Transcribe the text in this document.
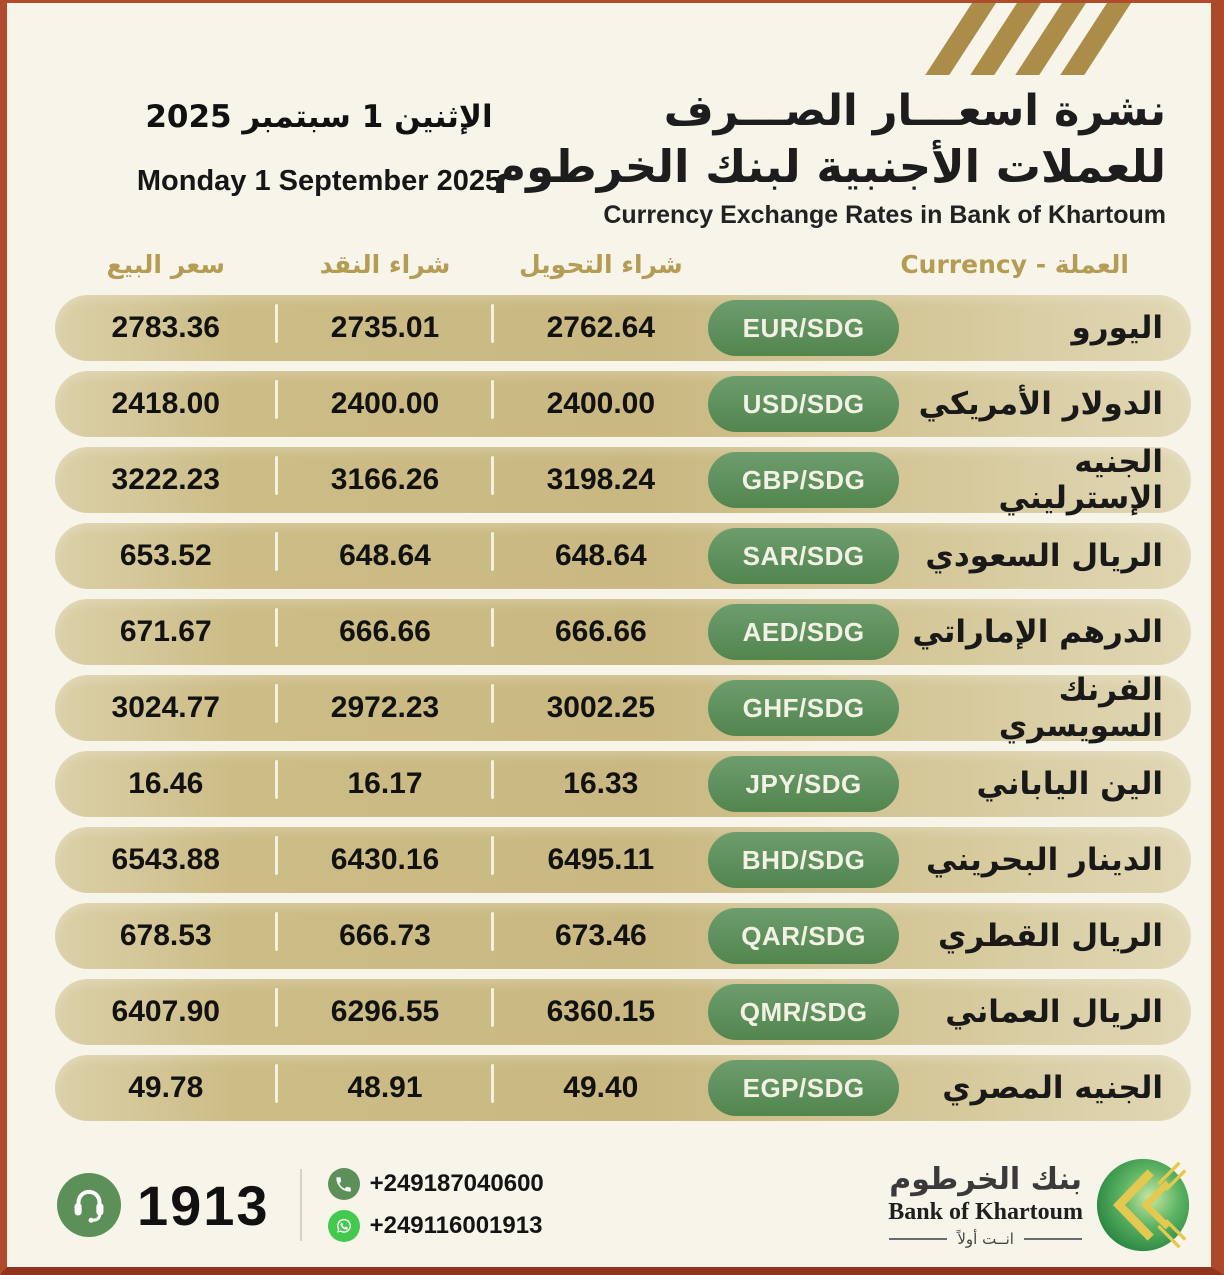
الإثنين 1 سبتمبر 2025
Monday 1 September 2025
نشرة اسعـــار الصـــرف
للعملات الأجنبية لبنك الخرطوم
Currency Exchange Rates in Bank of Khartoum
سعر البيع	شراء النقد	شراء التحويل	العملة - Currency
2783.36	2735.01	2762.64	EUR/SDG	اليورو
2418.00	2400.00	2400.00	USD/SDG	الدولار الأمريكي
3222.23	3166.26	3198.24	GBP/SDG	الجنيه الإسترليني
653.52	648.64	648.64	SAR/SDG	الريال السعودي
671.67	666.66	666.66	AED/SDG	الدرهم الإماراتي
3024.77	2972.23	3002.25	GHF/SDG	الفرنك السويسري
16.46	16.17	16.33	JPY/SDG	الين الياباني
6543.88	6430.16	6495.11	BHD/SDG	الدينار البحريني
678.53	666.73	673.46	QAR/SDG	الريال القطري
6407.90	6296.55	6360.15	QMR/SDG	الريال العماني
49.78	48.91	49.40	EGP/SDG	الجنيه المصري
1913	+249187040600
+249116001913
بنك الخرطوم
Bank of Khartoum
انــت أولاً
